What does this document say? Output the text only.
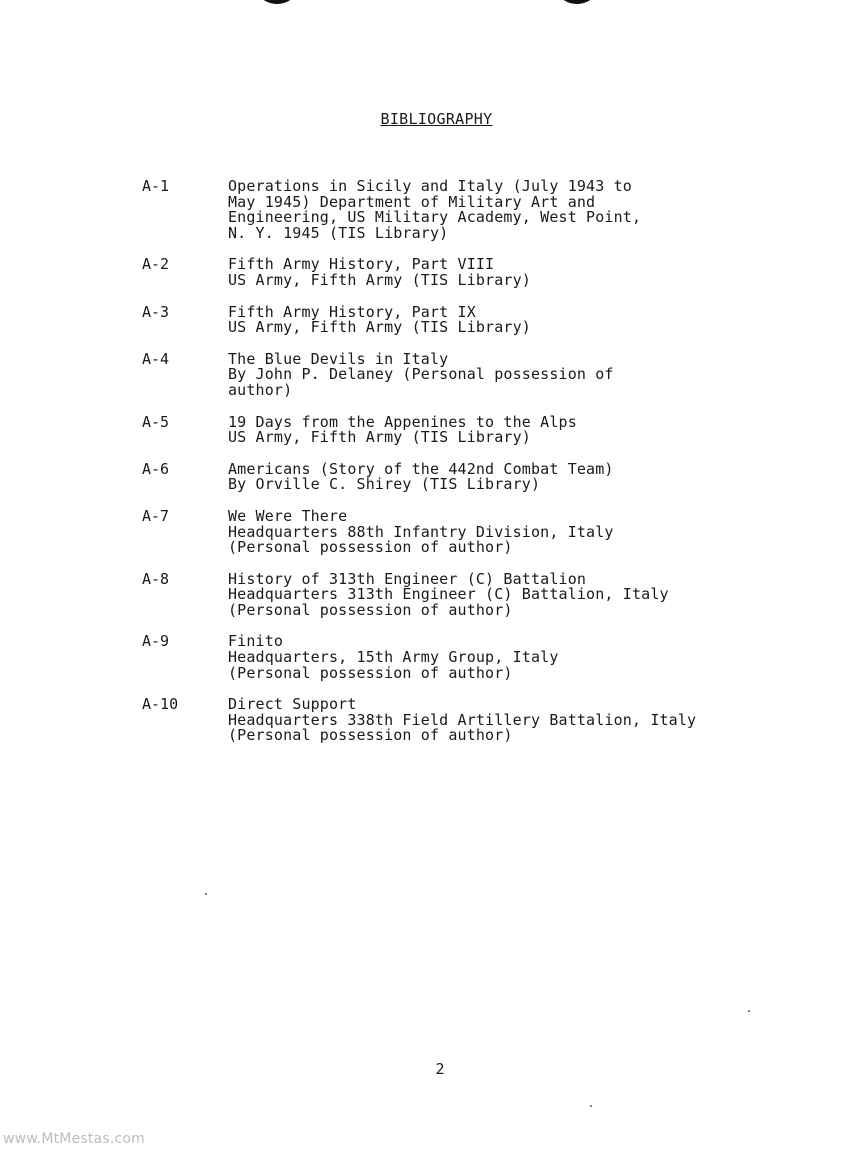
BIBLIOGRAPHY
A-1	Operations in Sicily and Italy (July 1943 to
May 1945) Department of Military Art and
Engineering, US Military Academy, West Point,
N. Y. 1945 (TIS Library)
A-2	Fifth Army History, Part VIII
US Army, Fifth Army (TIS Library)
A-3	Fifth Army History, Part IX
US Army, Fifth Army (TIS Library)
A-4	The Blue Devils in Italy
By John P. Delaney (Personal possession of
author)
A-5	19 Days from the Appenines to the Alps
US Army, Fifth Army (TIS Library)
A-6	Americans (Story of the 442nd Combat Team)
By Orville C. Shirey (TIS Library)
A-7	We Were There
Headquarters 88th Infantry Division, Italy
(Personal possession of author)
A-8	History of 313th Engineer (C) Battalion
Headquarters 313th Engineer (C) Battalion, Italy
(Personal possession of author)
A-9	Finito
Headquarters, 15th Army Group, Italy
(Personal possession of author)
A-10	Direct Support
Headquarters 338th Field Artillery Battalion, Italy
(Personal possession of author)
2
www.MtMestas.com
